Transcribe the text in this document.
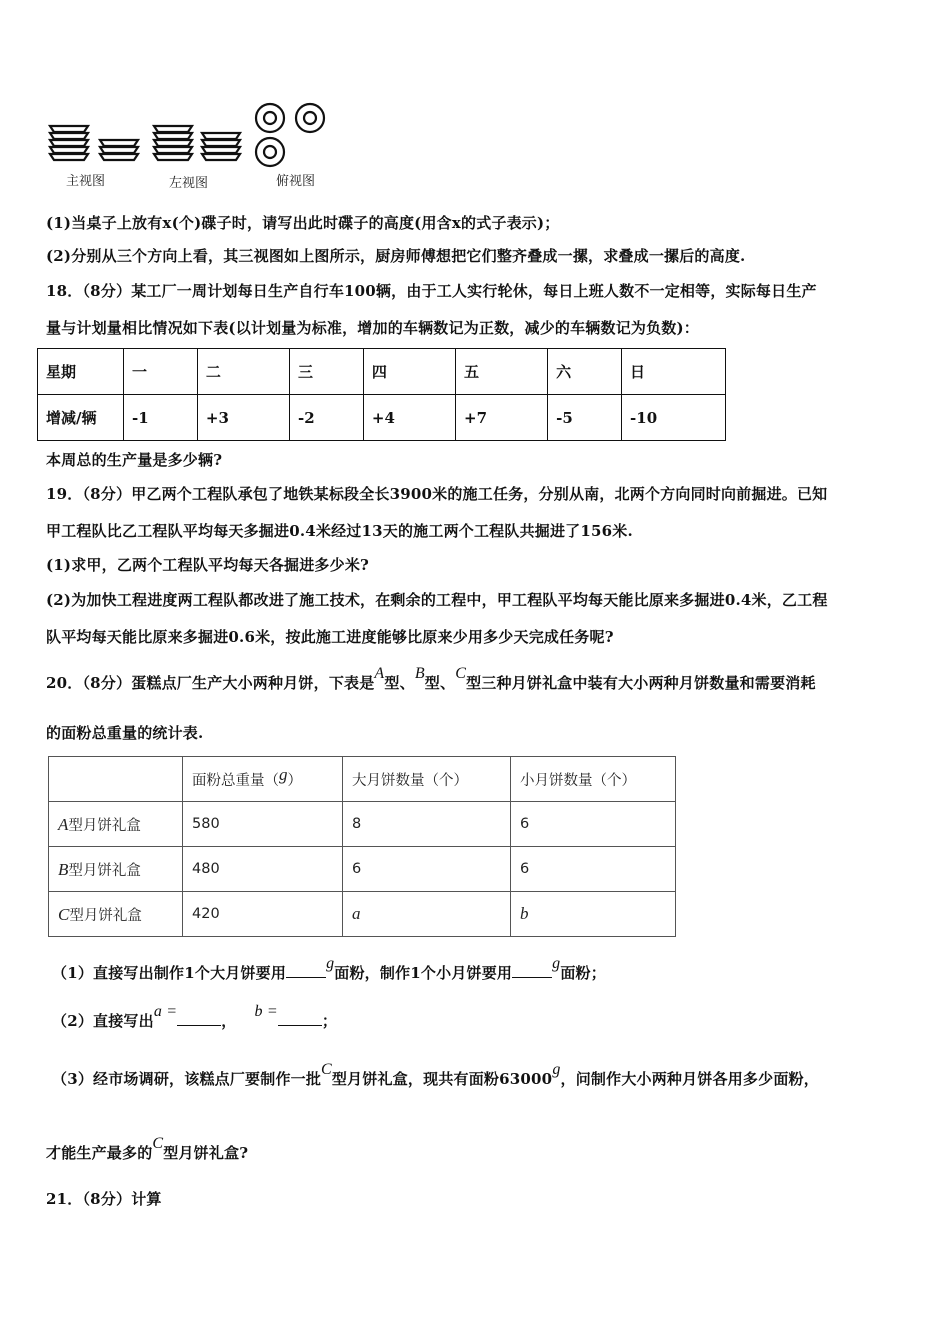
主视图	左视图	俯视图
(1)当桌子上放有x(个)碟子时，请写出此时碟子的高度(用含x的式子表示)；
(2)分别从三个方向上看，其三视图如上图所示，厨房师傅想把它们整齐叠成一摞，求叠成一摞后的高度.
18．（8分）某工厂一周计划每日生产自行车100辆，由于工人实行轮休，每日上班人数不一定相等，实际每日生产
量与计划量相比情况如下表(以计划量为标准，增加的车辆数记为正数，减少的车辆数记为负数)：
星期	一	二	三	四	五	六	日
增减/辆	-1	+3	-2	+4	+7	-5	-10
本周总的生产量是多少辆?
19．（8分）甲乙两个工程队承包了地铁某标段全长3900米的施工任务，分别从南，北两个方向同时向前掘进。已知
甲工程队比乙工程队平均每天多掘进0.4米经过13天的施工两个工程队共掘进了156米.
(1)求甲，乙两个工程队平均每天各掘进多少米?
(2)为加快工程进度两工程队都改进了施工技术，在剩余的工程中，甲工程队平均每天能比原来多掘进0.4米，乙工程
队平均每天能比原来多掘进0.6米，按此施工进度能够比原来少用多少天完成任务呢?
20．（8分）蛋糕点厂生产大小两种月饼，下表是A型、B型、C型三种月饼礼盒中装有大小两种月饼数量和需要消耗
的面粉总重量的统计表.
	面粉总重量（g）	大月饼数量（个）	小月饼数量（个）
A型月饼礼盒	580	8	6
B型月饼礼盒	480	6	6
C型月饼礼盒	420	a	b
（1）直接写出制作1个大月饼要用g面粉，制作1个小月饼要用g面粉；
（2）直接写出a =，b =；
（3）经市场调研，该糕点厂要制作一批C型月饼礼盒，现共有面粉63000g，问制作大小两种月饼各用多少面粉，
才能生产最多的C型月饼礼盒?
21．（8分）计算
